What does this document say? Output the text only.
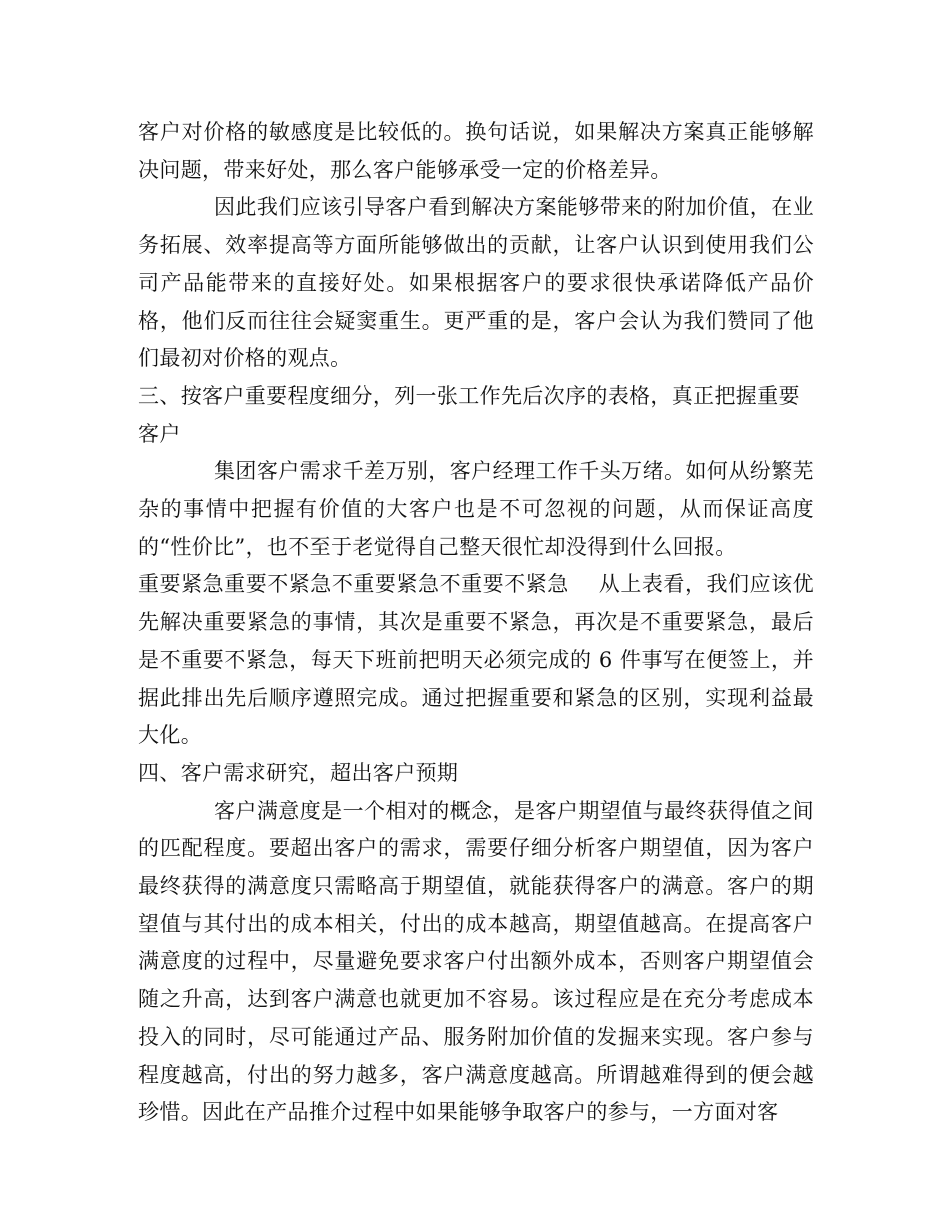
客户对价格的敏感度是比较低的。换句话说，如果解决方案真正能够解决问题，带来好处，那么客户能够承受一定的价格差异。

因此我们应该引导客户看到解决方案能够带来的附加价值，在业务拓展、效率提高等方面所能够做出的贡献，让客户认识到使用我们公司产品能带来的直接好处。如果根据客户的要求很快承诺降低产品价格，他们反而往往会疑窦重生。更严重的是，客户会认为我们赞同了他们最初对价格的观点。

三、按客户重要程度细分，列一张工作先后次序的表格，真正把握重要客户

集团客户需求千差万别，客户经理工作千头万绪。如何从纷繁芜杂的事情中把握有价值的大客户也是不可忽视的问题，从而保证高度的“性价比”，也不至于老觉得自己整天很忙却没得到什么回报。

重要紧急重要不紧急不重要紧急不重要不紧急 从上表看，我们应该优先解决重要紧急的事情，其次是重要不紧急，再次是不重要紧急，最后是不重要不紧急，每天下班前把明天必须完成的 6 件事写在便签上，并据此排出先后顺序遵照完成。通过把握重要和紧急的区别，实现利益最大化。

四、客户需求研究，超出客户预期

客户满意度是一个相对的概念，是客户期望值与最终获得值之间的匹配程度。要超出客户的需求，需要仔细分析客户期望值，因为客户最终获得的满意度只需略高于期望值，就能获得客户的满意。客户的期望值与其付出的成本相关，付出的成本越高，期望值越高。在提高客户满意度的过程中，尽量避免要求客户付出额外成本，否则客户期望值会随之升高，达到客户满意也就更加不容易。该过程应是在充分考虑成本投入的同时，尽可能通过产品、服务附加价值的发掘来实现。客户参与程度越高，付出的努力越多，客户满意度越高。所谓越难得到的便会越珍惜。因此在产品推介过程中如果能够争取客户的参与，一方面对客
